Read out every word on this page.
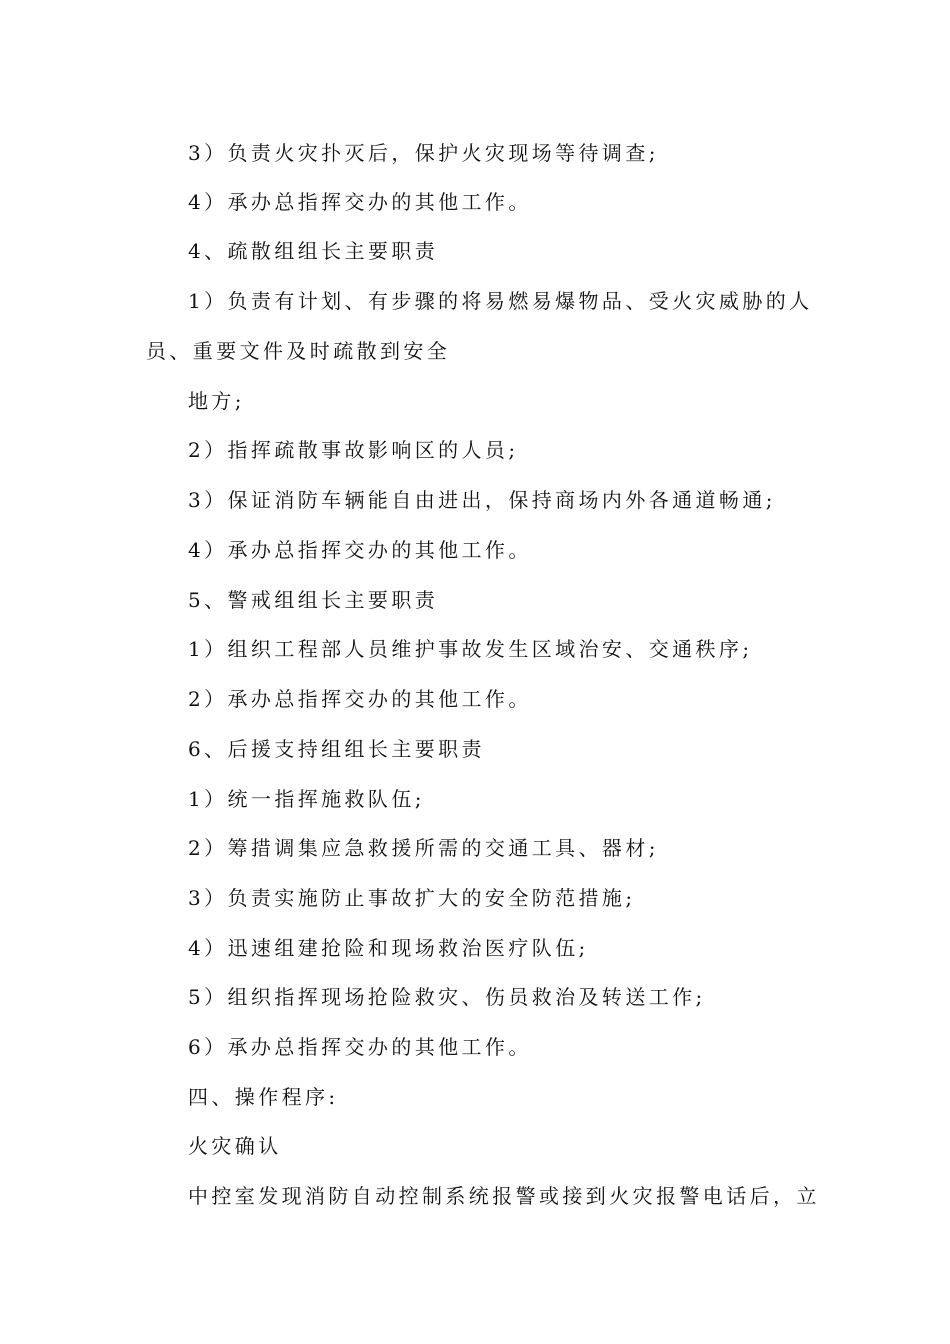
3）负责火灾扑灭后，保护火灾现场等待调查;
4）承办总指挥交办的其他工作。
4、疏散组组长主要职责
1）负责有计划、有步骤的将易燃易爆物品、受火灾威胁的人
员、重要文件及时疏散到安全
地方;
2）指挥疏散事故影响区的人员;
3）保证消防车辆能自由进出，保持商场内外各通道畅通;
4）承办总指挥交办的其他工作。
5、警戒组组长主要职责
1）组织工程部人员维护事故发生区域治安、交通秩序;
2）承办总指挥交办的其他工作。
6、后援支持组组长主要职责
1）统一指挥施救队伍;
2）筹措调集应急救援所需的交通工具、器材;
3）负责实施防止事故扩大的安全防范措施;
4）迅速组建抢险和现场救治医疗队伍;
5）组织指挥现场抢险救灾、伤员救治及转送工作;
6）承办总指挥交办的其他工作。
四、操作程序:
火灾确认
中控室发现消防自动控制系统报警或接到火灾报警电话后，立
